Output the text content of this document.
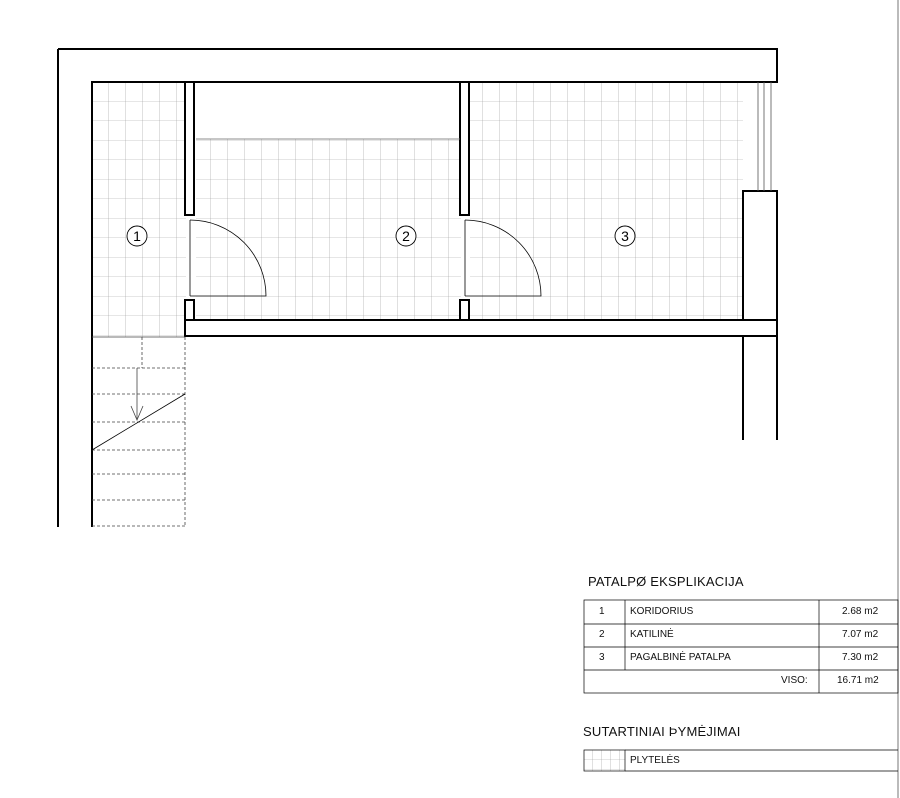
1	2	3
PATALPØ EKSPLIKACIJA
1	KORIDORIUS	2.68 m2
2	KATILINĖ	7.07 m2
3	PAGALBINĖ PATALPA	7.30 m2
VISO:	16.71 m2
SUTARTINIAI ÞYMĖJIMAI
PLYTELĖS
